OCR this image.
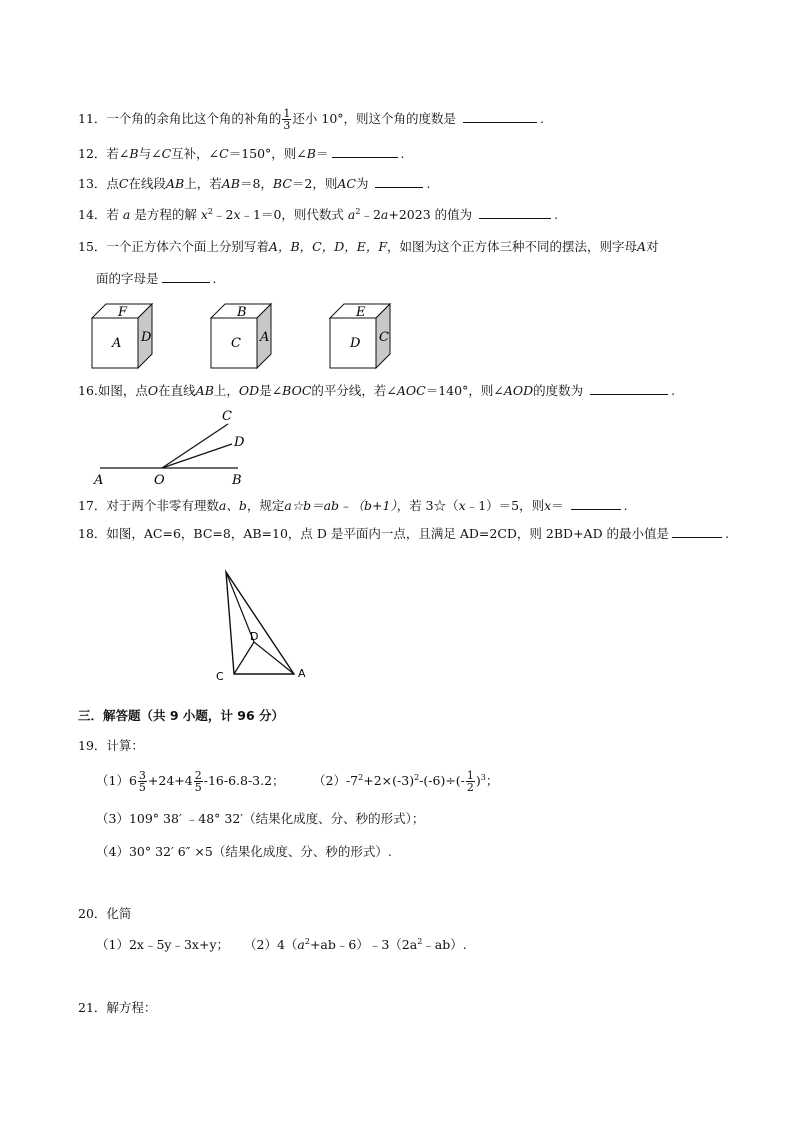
11．一个角的余角比这个角的补角的 $\frac{1}{3}$ 还小 10°，则这个角的度数是	.
12．若∠B与∠C互补，∠C＝150°，则∠B＝	.
13．点C在线段AB上，若AB＝8，BC＝2，则AC为	.
14．若 a 是方程的解 $x^2﹣2x﹣1=0$，则代数式 $a^2﹣2a+2023$ 的值为	.
15．一个正方体六个面上分别写着A，B，C，D，E，F，如图为这个正方体三种不同的摆法，则字母A对
面的字母是	.
F
A D
B
C A
E
D C
16.如图，点O在直线AB上，OD是∠BOC的平分线，若∠AOC＝140°，则∠AOD的度数为	.
A	O	B
C
D
17．对于两个非零有理数a、b，规定a☆b＝ab﹣（b+1），若 3☆（x﹣1）＝5，则x＝	.
18．如图，AC=6，BC=8，AB=10，点 D 是平面内一点，且满足 AD=2CD，则 2BD+AD 的最小值是	.
D
C	A
三．解答题（共 9 小题，计 96 分）
19．计算：
$(1)6 \frac{3}{5} +24+4 \frac{2}{5} -16-6.8-3.2$； $(2)-7^2+2\times(-3)^2-(-6)\div(- \frac{1}{2} )^3$；
（3）109° 38′ ﹣48° 32′（结果化成度、分、秒的形式）；
（4）30° 32′ 6″ ×5（结果化成度、分、秒的形式）.
20．化简
（1）2x﹣5y﹣3x+y； $(2)4(a^2+ab﹣6)﹣3(2a^2﹣ab)$.
21．解方程：
